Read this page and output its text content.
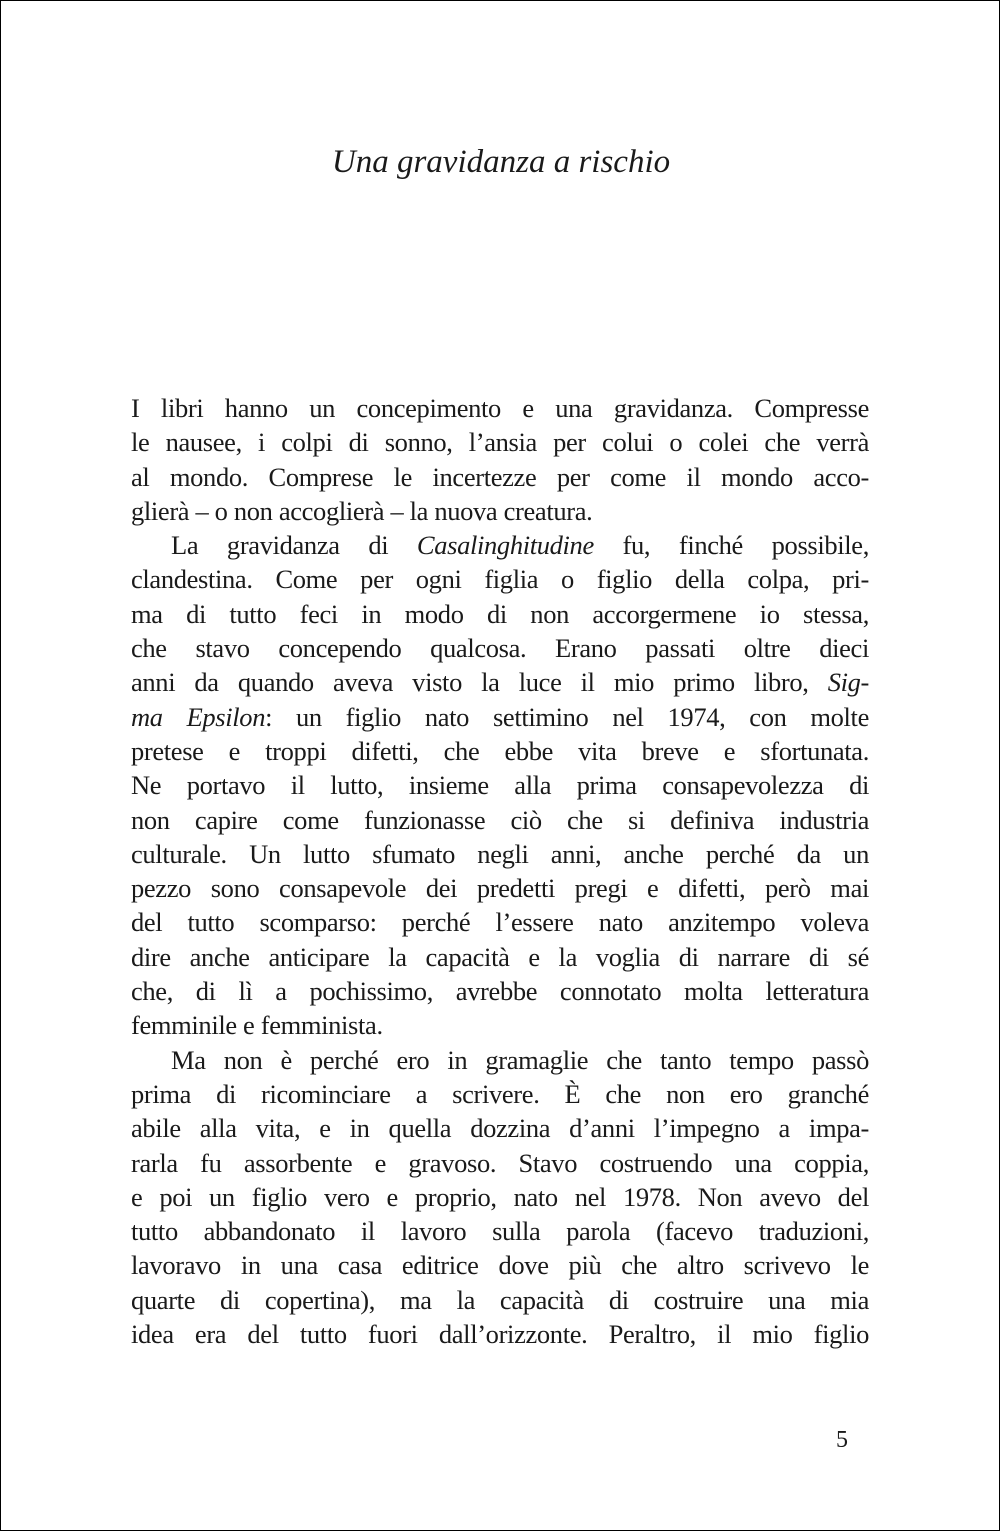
Una gravidanza a rischio
I libri hanno un concepimento e una gravidanza. Compresse
le nausee, i colpi di sonno, l’ansia per colui o colei che verrà
al mondo. Comprese le incertezze per come il mondo acco-
glierà – o non accoglierà – la nuova creatura.
La gravidanza di Casalinghitudine fu, finché possibile,
clandestina. Come per ogni figlia o figlio della colpa, pri-
ma di tutto feci in modo di non accorgermene io stessa,
che stavo concependo qualcosa. Erano passati oltre dieci
anni da quando aveva visto la luce il mio primo libro, Sig-
ma Epsilon: un figlio nato settimino nel 1974, con molte
pretese e troppi difetti, che ebbe vita breve e sfortunata.
Ne portavo il lutto, insieme alla prima consapevolezza di
non capire come funzionasse ciò che si definiva industria
culturale. Un lutto sfumato negli anni, anche perché da un
pezzo sono consapevole dei predetti pregi e difetti, però mai
del tutto scomparso: perché l’essere nato anzitempo voleva
dire anche anticipare la capacità e la voglia di narrare di sé
che, di lì a pochissimo, avrebbe connotato molta letteratura
femminile e femminista.
Ma non è perché ero in gramaglie che tanto tempo passò
prima di ricominciare a scrivere. È che non ero granché
abile alla vita, e in quella dozzina d’anni l’impegno a impa-
rarla fu assorbente e gravoso. Stavo costruendo una coppia,
e poi un figlio vero e proprio, nato nel 1978. Non avevo del
tutto abbandonato il lavoro sulla parola (facevo traduzioni,
lavoravo in una casa editrice dove più che altro scrivevo le
quarte di copertina), ma la capacità di costruire una mia
idea era del tutto fuori dall’orizzonte. Peraltro, il mio figlio
5
